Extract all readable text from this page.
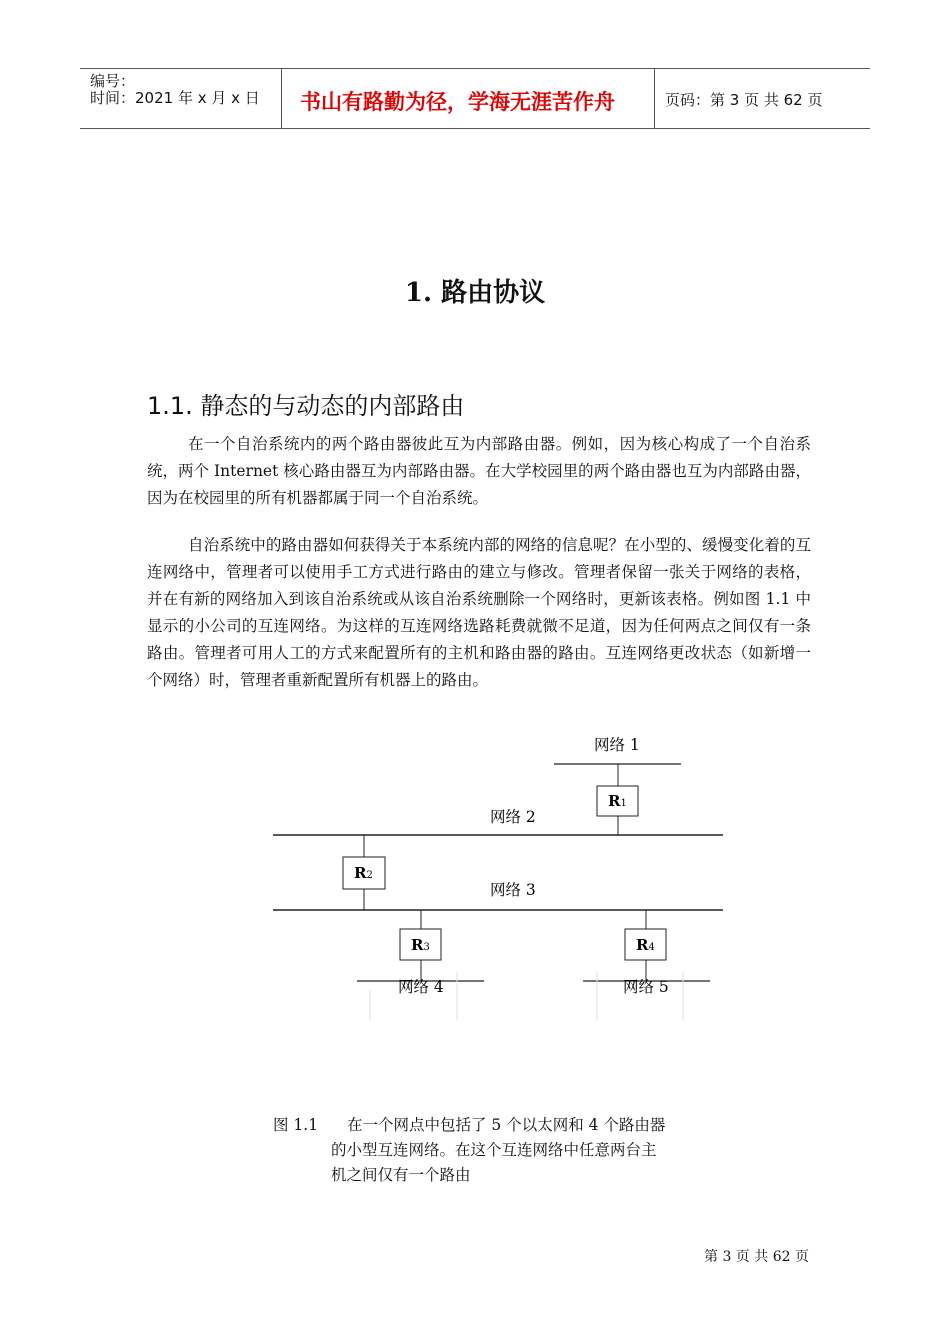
编号：
时间：2021 年 x 月 x 日 书山有路勤为径，学海无涯苦作舟	页码：第 3 页 共 62 页
1. 路由协议
1.1. 静态的与动态的内部路由
在一个自治系统内的两个路由器彼此互为内部路由器。例如，因为核心构成了一个自治系统，两个 Internet 核心路由器互为内部路由器。在大学校园里的两个路由器也互为内部路由器，因为在校园里的所有机器都属于同一个自治系统。
自治系统中的路由器如何获得关于本系统内部的网络的信息呢？在小型的、缓慢变化着的互连网络中，管理者可以使用手工方式进行路由的建立与修改。管理者保留一张关于网络的表格，并在有新的网络加入到该自治系统或从该自治系统删除一个网络时，更新该表格。例如图 1.1 中显示的小公司的互连网络。为这样的互连网络选路耗费就微不足道，因为任何两点之间仅有一条路由。管理者可用人工的方式来配置所有的主机和路由器的路由。互连网络更改状态（如新增一个网络）时，管理者重新配置所有机器上的路由。
R1
R2
R3	R4
网络 1
网络 2
网络 3
网络 4	网络 5
图 1.1 在一个网点中包括了 5 个以太网和 4 个路由器
的小型互连网络。在这个互连网络中任意两台主
机之间仅有一个路由
第 3 页 共 62 页
